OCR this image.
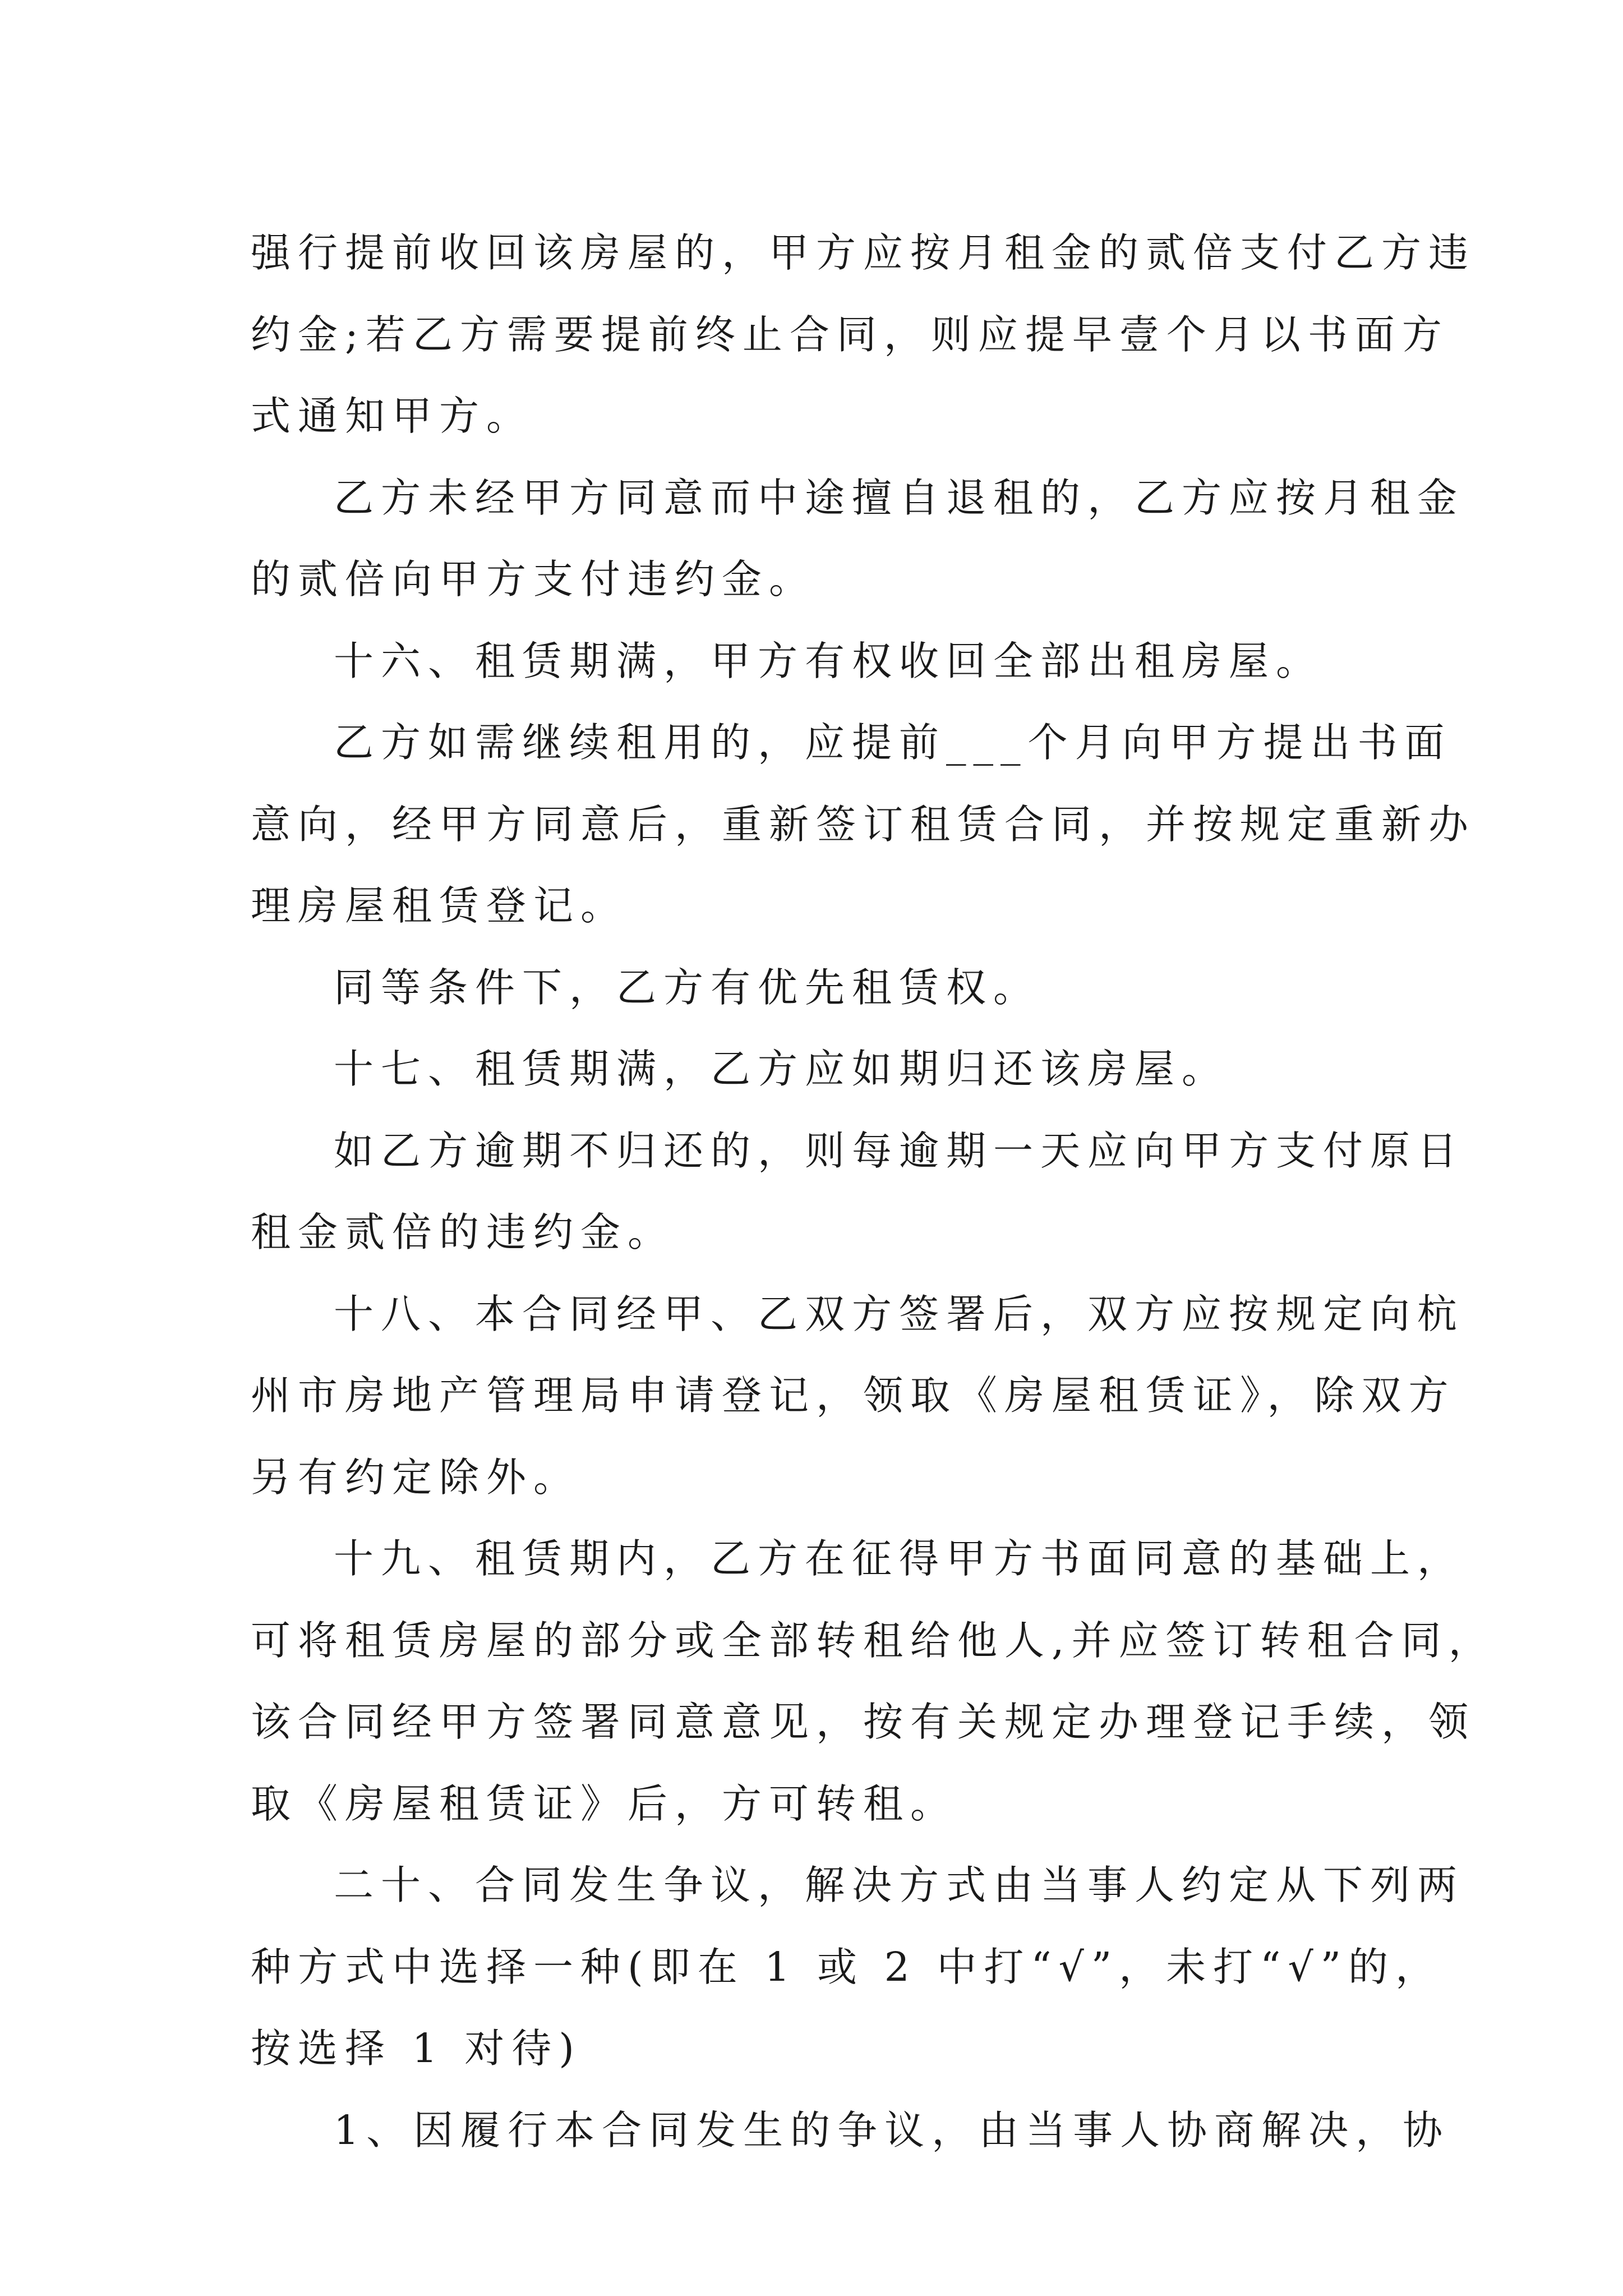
强行提前收回该房屋的，甲方应按月租金的贰倍支付乙方违
约金;若乙方需要提前终止合同，则应提早壹个月以书面方
式通知甲方。

乙方未经甲方同意而中途擅自退租的，乙方应按月租金
的贰倍向甲方支付违约金。

十六、租赁期满，甲方有权收回全部出租房屋。

乙方如需继续租用的，应提前___个月向甲方提出书面
意向，经甲方同意后，重新签订租赁合同，并按规定重新办
理房屋租赁登记。

同等条件下，乙方有优先租赁权。

十七、租赁期满，乙方应如期归还该房屋。

如乙方逾期不归还的，则每逾期一天应向甲方支付原日
租金贰倍的违约金。

十八、本合同经甲、乙双方签署后，双方应按规定向杭
州市房地产管理局申请登记，领取《房屋租赁证》，除双方
另有约定除外。

十九、租赁期内，乙方在征得甲方书面同意的基础上，
可将租赁房屋的部分或全部转租给他人,并应签订转租合同，
该合同经甲方签署同意意见，按有关规定办理登记手续，领
取《房屋租赁证》后，方可转租。

二十、合同发生争议，解决方式由当事人约定从下列两
种方式中选择一种(即在 1 或 2 中打“√”，未打“√”的，
按选择 1 对待)

1、因履行本合同发生的争议，由当事人协商解决，协
